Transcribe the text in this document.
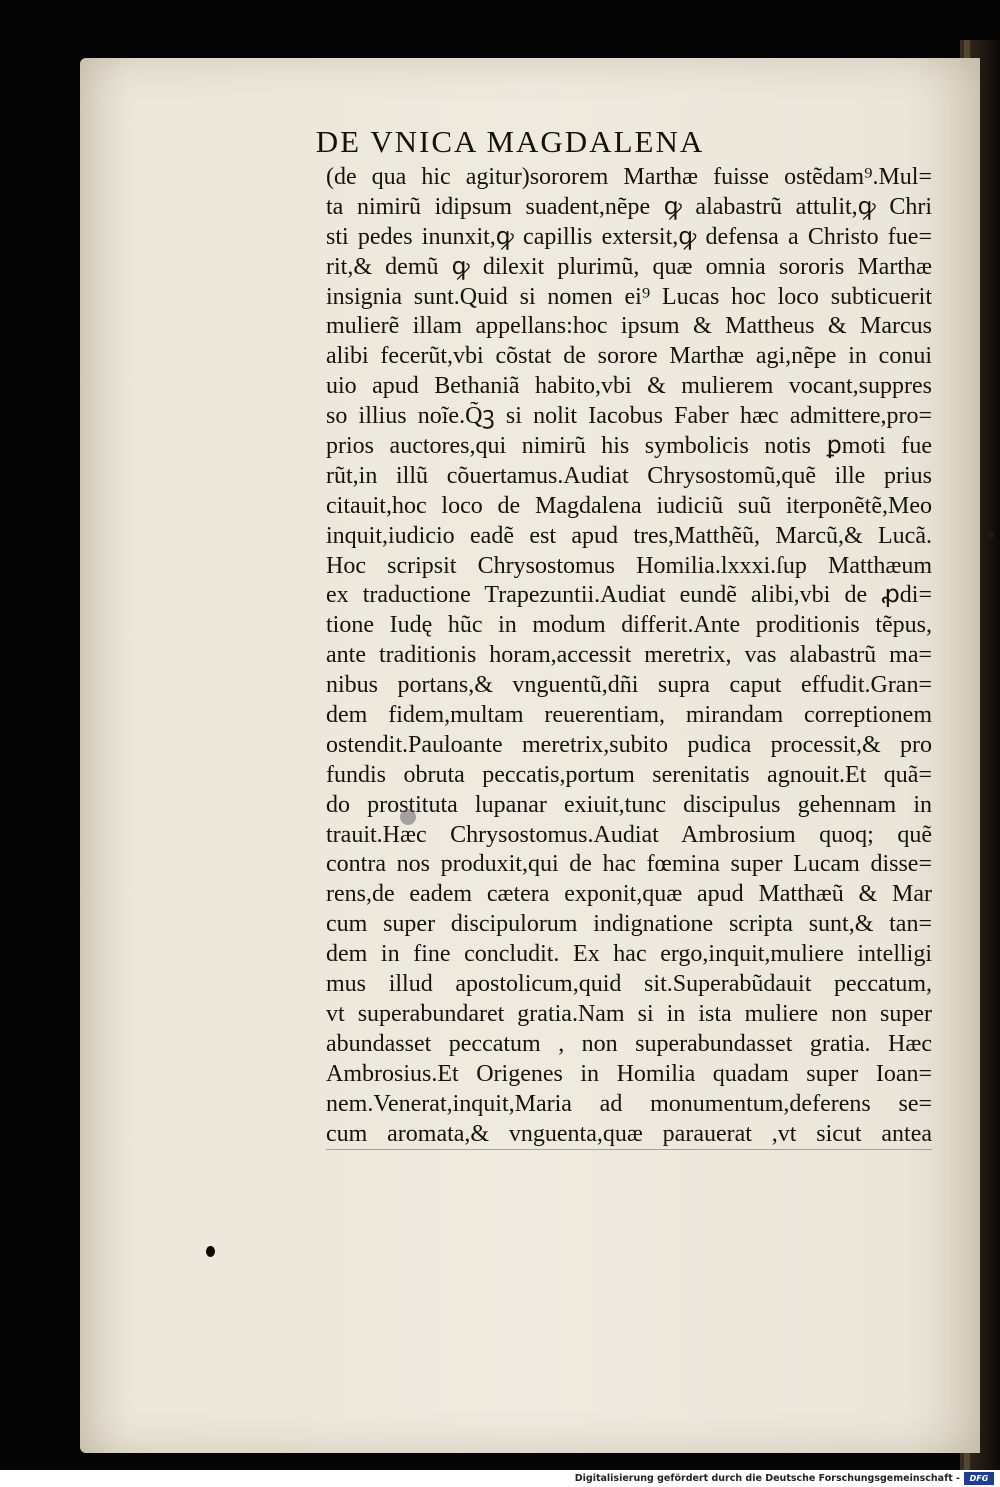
DE VNICA MAGDALENA
(de qua hic agitur)sororem Marthæ fuisse ostẽdam⁹.Mul=
ta nimirũ idipsum suadent,nẽpe ꝙ alabastrũ attulit,ꝙ Chri
sti pedes inunxit,ꝙ capillis extersit,ꝙ defensa a Christo fue=
rit,& demũ ꝙ dilexit plurimũ, quæ omnia sororis Marthæ
insignia sunt.Quid si nomen ei⁹ Lucas hoc loco subticuerit
mulierẽ illam appellans:hoc ipsum & Mattheus & Marcus
alibi fecerũt,vbi cõstat de sorore Marthæ agi,nẽpe in conui
uio apud Bethaniã habito,vbi & mulierem vocant,suppres
so illius noĩe.Q̃ꝫ si nolit Iacobus Faber hæc admittere,pro=
prios auctores,qui nimirũ his symbolicis notis ꝑmoti fue
rũt,in illũ cõuertamus.Audiat Chrysostomũ,quẽ ille prius
citauit,hoc loco de Magdalena iudiciũ suũ iterponẽtẽ,Meo
inquit,iudicio eadẽ est apud tres,Matthẽũ, Marcũ,& Lucã.
Hoc scripsit Chrysostomus Homilia.lxxxi.ſup Matthæum
ex traductione Trapezuntii.Audiat eundẽ alibi,vbi de ꝓdi=
tione Iudę hũc in modum differit.Ante proditionis tẽpus,
ante traditionis horam,accessit meretrix, vas alabastrũ ma=
nibus portans,& vnguentũ,dñi supra caput effudit.Gran=
dem fidem,multam reuerentiam, mirandam correptionem
ostendit.Pauloante meretrix,subito pudica processit,& pro
fundis obruta peccatis,portum serenitatis agnouit.Et quã=
do prostituta lupanar exiuit,tunc discipulus gehennam in
trauit.Hæc Chrysostomus.Audiat Ambrosium quoq; quẽ
contra nos produxit,qui de hac fœmina super Lucam disse=
rens,de eadem cætera exponit,quæ apud Matthæũ & Mar
cum super discipulorum indignatione scripta sunt,& tan=
dem in fine concludit. Ex hac ergo,inquit,muliere intelligi
mus illud apostolicum,quid sit.Superabũdauit peccatum,
vt superabundaret gratia.Nam si in ista muliere non super
abundasset peccatum , non superabundasset gratia. Hæc
Ambrosius.Et Origenes in Homilia quadam super Ioan=
nem.Venerat,inquit,Maria ad monumentum,deferens se=
cum aromata,& vnguenta,quæ parauerat ,vt sicut antea
Digitalisierung gefördert durch die Deutsche Forschungsgemeinschaft -	DFG
